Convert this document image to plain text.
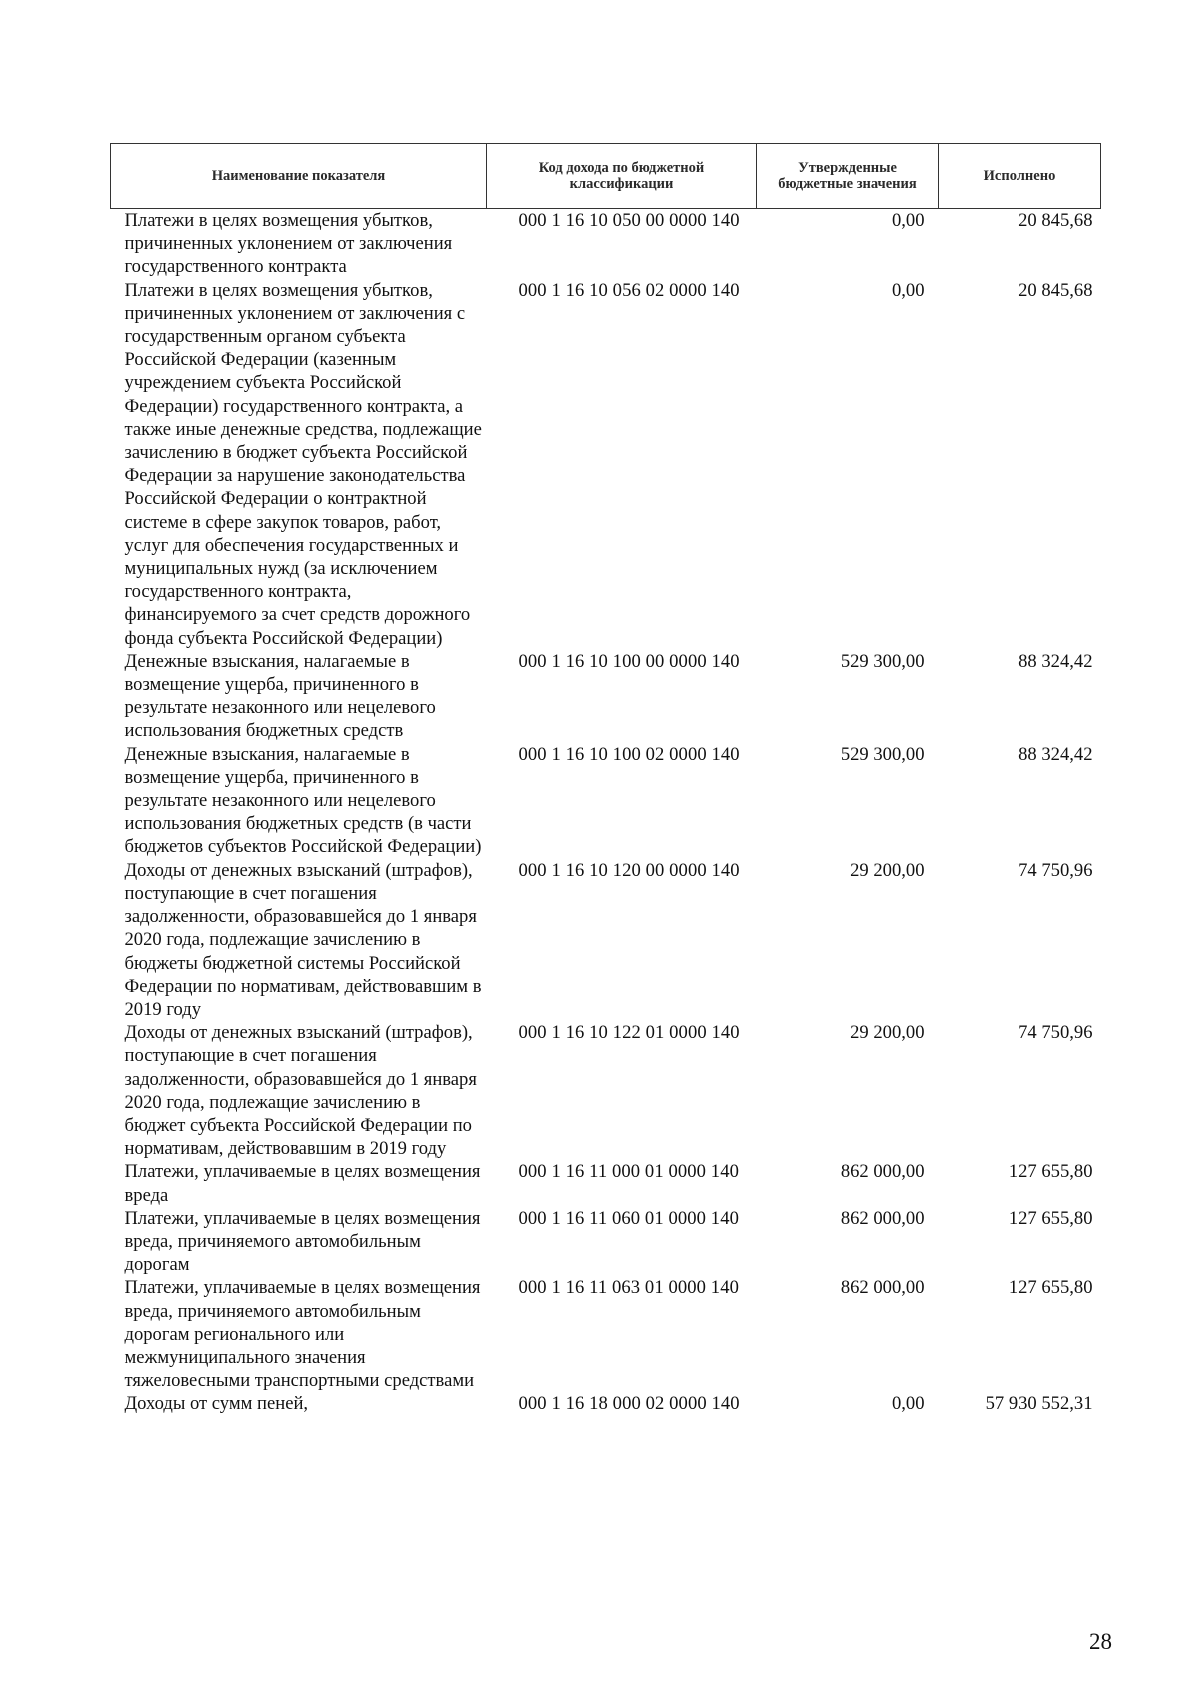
Наименование показателя	Код дохода по бюджетной классификации	Утвержденные бюджетные значения	Исполнено
Платежи в целях возмещения убытков, причиненных уклонением от заключения государственного контракта	000 1 16 10 050 00 0000 140	0,00	20 845,68
Платежи в целях возмещения убытков, причиненных уклонением от заключения с государственным органом субъекта Российской Федерации (казенным учреждением субъекта Российской Федерации) государственного контракта, а также иные денежные средства, подлежащие зачислению в бюджет субъекта Российской Федерации за нарушение законодательства Российской Федерации о контрактной системе в сфере закупок товаров, работ, услуг для обеспечения государственных и муниципальных нужд (за исключением государственного контракта, финансируемого за счет средств дорожного фонда субъекта Российской Федерации)	000 1 16 10 056 02 0000 140	0,00	20 845,68
Денежные взыскания, налагаемые в возмещение ущерба, причиненного в результате незаконного или нецелевого использования бюджетных средств	000 1 16 10 100 00 0000 140	529 300,00	88 324,42
Денежные взыскания, налагаемые в возмещение ущерба, причиненного в результате незаконного или нецелевого использования бюджетных средств (в части бюджетов субъектов Российской Федерации)	000 1 16 10 100 02 0000 140	529 300,00	88 324,42
Доходы от денежных взысканий (штрафов), поступающие в счет погашения задолженности, образовавшейся до 1 января 2020 года, подлежащие зачислению в бюджеты бюджетной системы Российской Федерации по нормативам, действовавшим в 2019 году	000 1 16 10 120 00 0000 140	29 200,00	74 750,96
Доходы от денежных взысканий (штрафов), поступающие в счет погашения задолженности, образовавшейся до 1 января 2020 года, подлежащие зачислению в бюджет субъекта Российской Федерации по нормативам, действовавшим в 2019 году	000 1 16 10 122 01 0000 140	29 200,00	74 750,96
Платежи, уплачиваемые в целях возмещения вреда	000 1 16 11 000 01 0000 140	862 000,00	127 655,80
Платежи, уплачиваемые в целях возмещения вреда, причиняемого автомобильным дорогам	000 1 16 11 060 01 0000 140	862 000,00	127 655,80
Платежи, уплачиваемые в целях возмещения вреда, причиняемого автомобильным дорогам регионального или межмуниципального значения тяжеловесными транспортными средствами	000 1 16 11 063 01 0000 140	862 000,00	127 655,80
Доходы от сумм пеней,	000 1 16 18 000 02 0000 140	0,00	57 930 552,31
28
